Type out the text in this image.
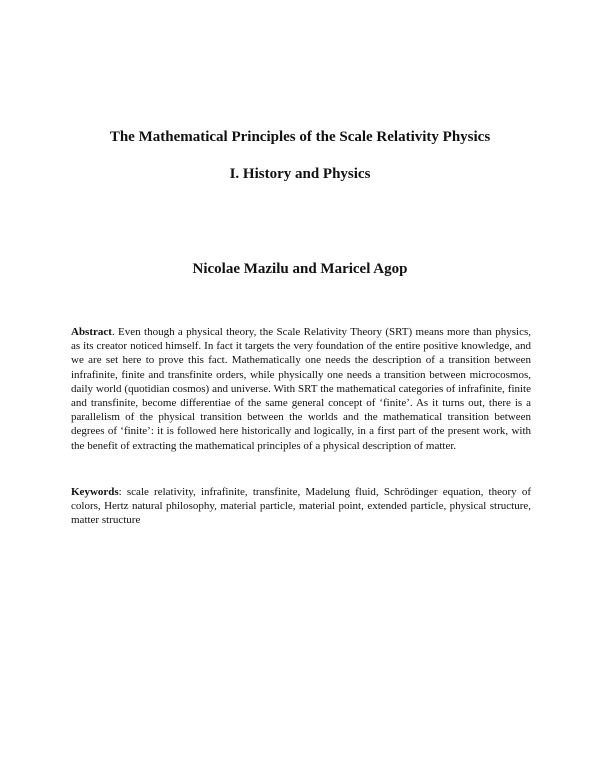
The Mathematical Principles of the Scale Relativity Physics
I. History and Physics
Nicolae Mazilu and Maricel Agop

Abstract. Even though a physical theory, the Scale Relativity Theory (SRT) means more than physics, as its creator noticed himself. In fact it targets the very foundation of the entire positive knowledge, and we are set here to prove this fact. Mathematically one needs the description of a transition between infrafinite, finite and transfinite orders, while physically one needs a transition between microcosmos, daily world (quotidian cosmos) and universe. With SRT the mathematical categories of infrafinite, finite and transfinite, become differentiae of the same general concept of ‘finite’. As it turns out, there is a parallelism of the physical transition between the worlds and the mathematical transition between degrees of ‘finite’: it is followed here historically and logically, in a first part of the present work, with the benefit of extracting the mathematical principles of a physical description of matter.

Keywords: scale relativity, infrafinite, transfinite, Madelung fluid, Schrödinger equation, theory of colors, Hertz natural philosophy, material particle, material point, extended particle, physical structure, matter structure
